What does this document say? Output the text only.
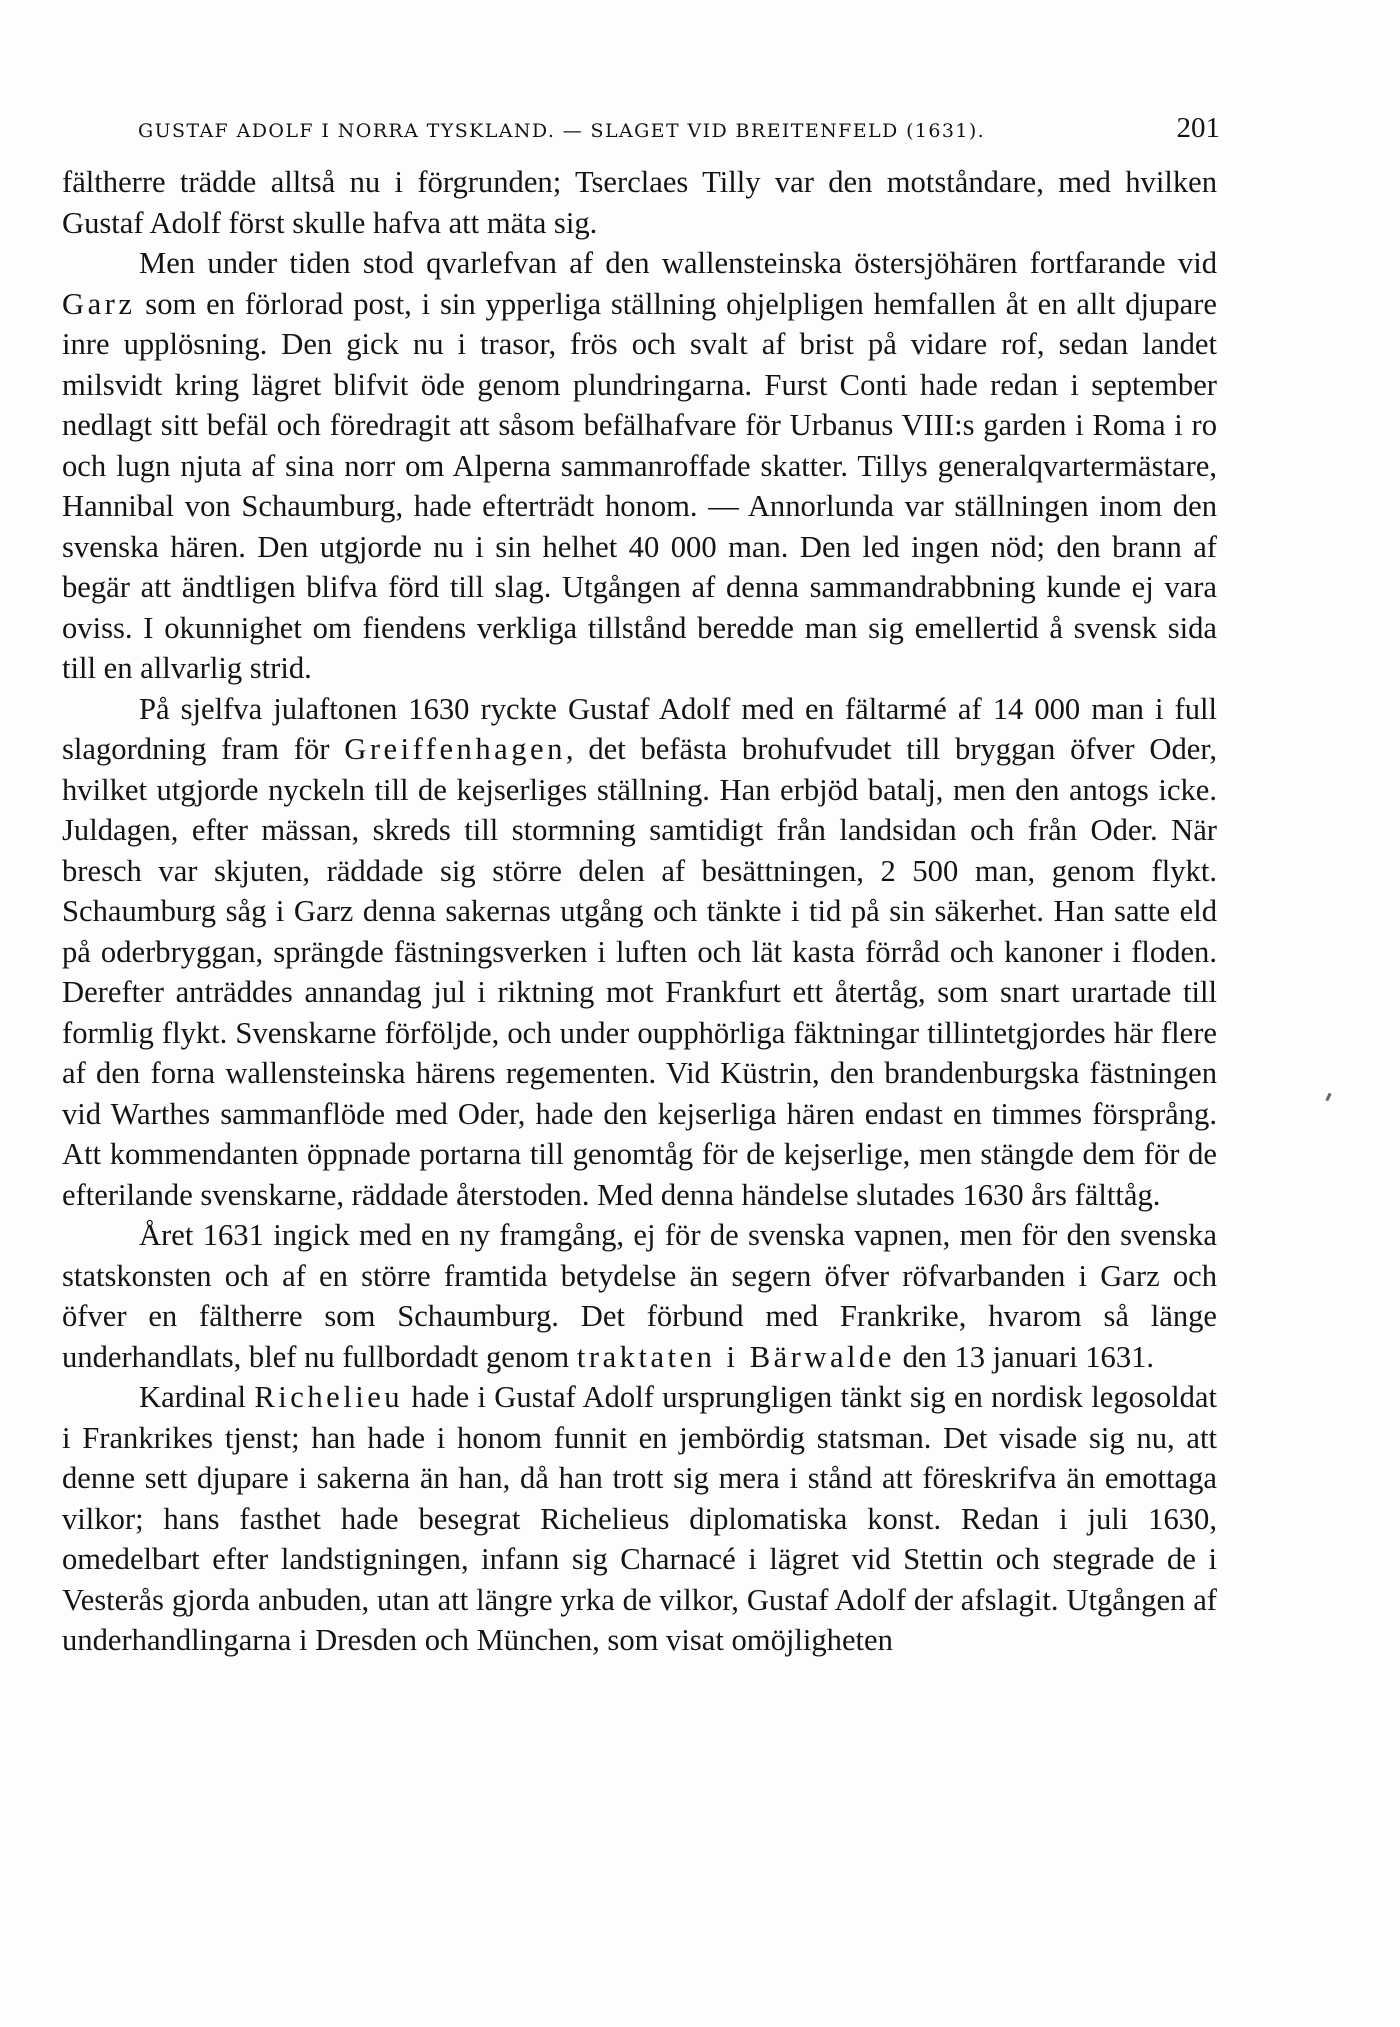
GUSTAF ADOLF I NORRA TYSKLAND. — SLAGET VID BREITENFELD (1631).	201

fältherre trädde alltså nu i förgrunden; Tserclaes Tilly var den motståndare, med hvilken Gustaf Adolf först skulle hafva att mäta sig.

Men under tiden stod qvarlefvan af den wallensteinska östersjöhären fortfarande vid Garz som en förlorad post, i sin ypperliga ställning ohjelpligen hemfallen åt en allt djupare inre upplösning. Den gick nu i trasor, frös och svalt af brist på vidare rof, sedan landet milsvidt kring lägret blifvit öde genom plundringarna. Furst Conti hade redan i september nedlagt sitt befäl och föredragit att såsom befälhafvare för Urbanus VIII:s garden i Roma i ro och lugn njuta af sina norr om Alperna sammanroffade skatter. Tillys generalqvartermästare, Hannibal von Schaumburg, hade efterträdt honom. — Annorlunda var ställningen inom den svenska hären. Den utgjorde nu i sin helhet 40 000 man. Den led ingen nöd; den brann af begär att ändtligen blifva förd till slag. Utgången af denna sammandrabbning kunde ej vara oviss. I okunnighet om fiendens verkliga tillstånd beredde man sig emellertid å svensk sida till en allvarlig strid.

På sjelfva julaftonen 1630 ryckte Gustaf Adolf med en fältarmé af 14 000 man i full slagordning fram för Greiffenhagen, det befästa brohufvudet till bryggan öfver Oder, hvilket utgjorde nyckeln till de kejserliges ställning. Han erbjöd batalj, men den antogs icke. Juldagen, efter mässan, skreds till stormning samtidigt från landsidan och från Oder. När bresch var skjuten, räddade sig större delen af besättningen, 2 500 man, genom flykt. Schaumburg såg i Garz denna sakernas utgång och tänkte i tid på sin säkerhet. Han satte eld på oderbryggan, sprängde fästningsverken i luften och lät kasta förråd och kanoner i floden. Derefter anträddes annandag jul i riktning mot Frankfurt ett återtåg, som snart urartade till formlig flykt. Svenskarne förföljde, och under oupphörliga fäktningar tillintetgjordes här flere af den forna wallensteinska härens regementen. Vid Küstrin, den brandenburgska fästningen vid Warthes sammanflöde med Oder, hade den kejserliga hären endast en timmes försprång. Att kommendanten öppnade portarna till genomtåg för de kejserlige, men stängde dem för de efterilande svenskarne, räddade återstoden. Med denna händelse slutades 1630 års fälttåg.

Året 1631 ingick med en ny framgång, ej för de svenska vapnen, men för den svenska statskonsten och af en större framtida betydelse än segern öfver röfvarbanden i Garz och öfver en fältherre som Schaumburg. Det förbund med Frankrike, hvarom så länge underhandlats, blef nu fullbordadt genom traktaten i Bärwalde den 13 januari 1631.

Kardinal Richelieu hade i Gustaf Adolf ursprungligen tänkt sig en nordisk legosoldat i Frankrikes tjenst; han hade i honom funnit en jembördig statsman. Det visade sig nu, att denne sett djupare i sakerna än han, då han trott sig mera i stånd att föreskrifva än emottaga vilkor; hans fasthet hade besegrat Richelieus diplomatiska konst. Redan i juli 1630, omedelbart efter landstigningen, infann sig Charnacé i lägret vid Stettin och stegrade de i Vesterås gjorda anbuden, utan att längre yrka de vilkor, Gustaf Adolf der afslagit. Utgången af underhandlingarna i Dresden och München, som visat omöjligheten
